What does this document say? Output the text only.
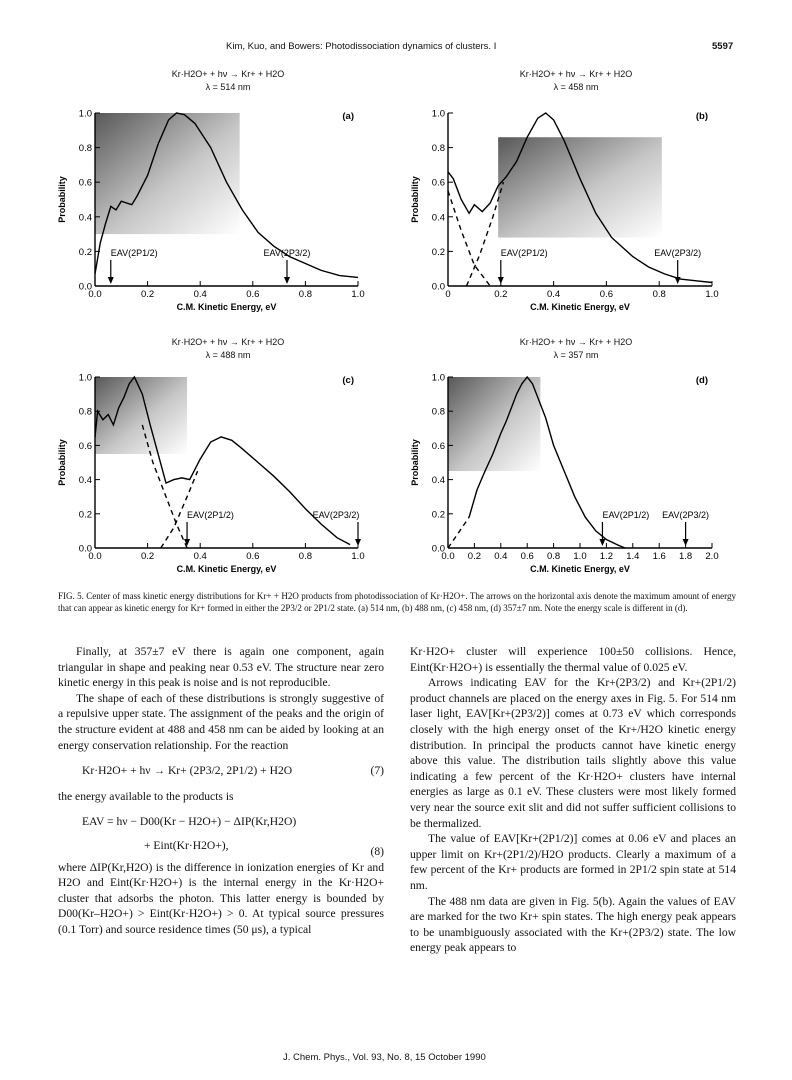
Kim, Kuo, and Bowers: Photodissociation dynamics of clusters. I	5597
Kr·H2O+ + hν → Kr+ + H2O
λ = 514 nm
Kr·H2O+ + hν → Kr+ + H2O
λ = 458 nm
Kr·H2O+ + hν → Kr+ + H2O
λ = 488 nm
Kr·H2O+ + hν → Kr+ + H2O
λ = 357 nm
0.0
0.2
0.4
0.6
0.8
1.0
0.0	0.2	0.4	0.6	0.8	1.0
C.M. Kinetic Energy, eV
Probability
(a)
EAV(2P1/2)	EAV(2P3/2)
0.0
0.2
0.4
0.6
0.8
1.0
0	0.2	0.4	0.6	0.8	1.0
C.M. Kinetic Energy, eV
Probability
(b)
EAV(2P1/2)	EAV(2P3/2)
0.0
0.2
0.4
0.6
0.8
1.0
0.0	0.2	0.4	0.6	0.8	1.0
C.M. Kinetic Energy, eV
Probability
(c)
EAV(2P1/2)	EAV(2P3/2)
0.0
0.2
0.4
0.6
0.8
1.0
0.0 0.2 0.4 0.6 0.8 1.0 1.2 1.4 1.6 1.8 2.0
C.M. Kinetic Energy, eV
Probability
(d)
EAV(2P1/2) EAV(2P3/2)
FIG. 5. Center of mass kinetic energy distributions for Kr+ + H2O products from photodissociation of Kr·H2O+. The arrows on the horizontal axis denote the maximum amount of energy that can appear as kinetic energy for Kr+ formed in either the 2P3/2 or 2P1/2 state. (a) 514 nm, (b) 488 nm, (c) 458 nm, (d) 357±7 nm. Note the energy scale is different in (d).

Finally, at 357±7 eV there is again one component, again triangular in shape and peaking near 0.53 eV. The structure near zero kinetic energy in this peak is noise and is not reproducible.

The shape of each of these distributions is strongly suggestive of a repulsive upper state. The assignment of the peaks and the origin of the structure evident at 488 and 458 nm can be aided by looking at an energy conservation relationship. For the reaction

Kr·H2O+ + hν → Kr+ (2P3/2, 2P1/2) + H2O	(7)

the energy available to the products is

EAV = hν − D00(Kr − H2O+) − ΔIP(Kr,H2O)
+ Eint(Kr·H2O+),	(8)

where ΔIP(Kr,H2O) is the difference in ionization energies of Kr and H2O and Eint(Kr·H2O+) is the internal energy in the Kr·H2O+ cluster that adsorbs the photon. This latter energy is bounded by D00(Kr–H2O+) > Eint(Kr·H2O+) > 0. At typical source pressures (0.1 Torr) and source residence times (50 μs), a typical

Kr·H2O+ cluster will experience 100±50 collisions. Hence, Eint(Kr·H2O+) is essentially the thermal value of 0.025 eV.

Arrows indicating EAV for the Kr+(2P3/2) and Kr+(2P1/2) product channels are placed on the energy axes in Fig. 5. For 514 nm laser light, EAV[Kr+(2P3/2)] comes at 0.73 eV which corresponds closely with the high energy onset of the Kr+/H2O kinetic energy distribution. In principal the products cannot have kinetic energy above this value. The distribution tails slightly above this value indicating a few percent of the Kr·H2O+ clusters have internal energies as large as 0.1 eV. These clusters were most likely formed very near the source exit slit and did not suffer sufficient collisions to be thermalized.

The value of EAV[Kr+(2P1/2)] comes at 0.06 eV and places an upper limit on Kr+(2P1/2)/H2O products. Clearly a maximum of a few percent of the Kr+ products are formed in 2P1/2 spin state at 514 nm.

The 488 nm data are given in Fig. 5(b). Again the values of EAV are marked for the two Kr+ spin states. The high energy peak appears to be unambiguously associated with the Kr+(2P3/2) state. The low energy peak appears to

J. Chem. Phys., Vol. 93, No. 8, 15 October 1990
